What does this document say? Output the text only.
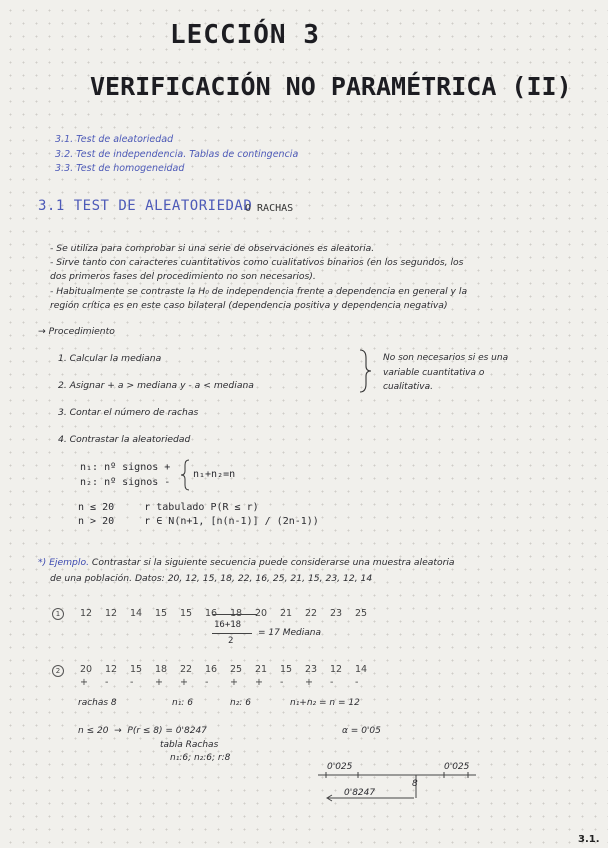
LECCIÓN 3
VERIFICACIÓN NO PARAMÉTRICA (II)
3.1. Test de aleatoriedad
3.2. Test de independencia. Tablas de contingencia
3.3. Test de homogeneidad
3.1 TEST DE ALEATORIEDAD
O RACHAS
- Se utiliza para comprobar si una serie de observaciones es aleatoria.
- Sirve tanto con caracteres cuantitativos como cualitativos binarios (en los segundos, los
dos primeros fases del procedimiento no son necesarios).
- Habitualmente se contraste la H₀ de independencia frente a dependencia en general y la
región crítica es en este caso bilateral (dependencia positiva y dependencia negativa)
→ Procedimiento
1. Calcular la mediana
2. Asignar + a > mediana y - a < mediana
3. Contar el número de rachas
4. Contrastar la aleatoriedad
No son necesarios si es una
variable cuantitativa o
cualitativa.
n₁: nº signos +
n₂: nº signos -
n₁+n₂=n
n ≤ 20     r tabulado P(R ≤ r)
n > 20     r ∈ N(n+1, [n(n-1)] / (2n-1))
*) Ejemplo. Contrastar si la siguiente secuencia puede considerarse una muestra aleatoria
de una población. Datos: 20, 12, 15, 18, 22, 16, 25, 21, 15, 23, 12, 14
1	12 12 14 15 15 16 18 20 21 22 23 25
16+18
2
= 17 Mediana
2	20 12 15 18 22 16 25 21 15 23 12 14
+ - - + + - + + - + - -
rachas 8	n₁: 6	n₂: 6	n₁+n₂ = n = 12
n ≤ 20  →  P(r ≤ 8) = 0'8247	α = 0'05
tabla Rachas
n₁:6; n₂:6; r:8
0'025	0'025
8
0'8247
3.1.
